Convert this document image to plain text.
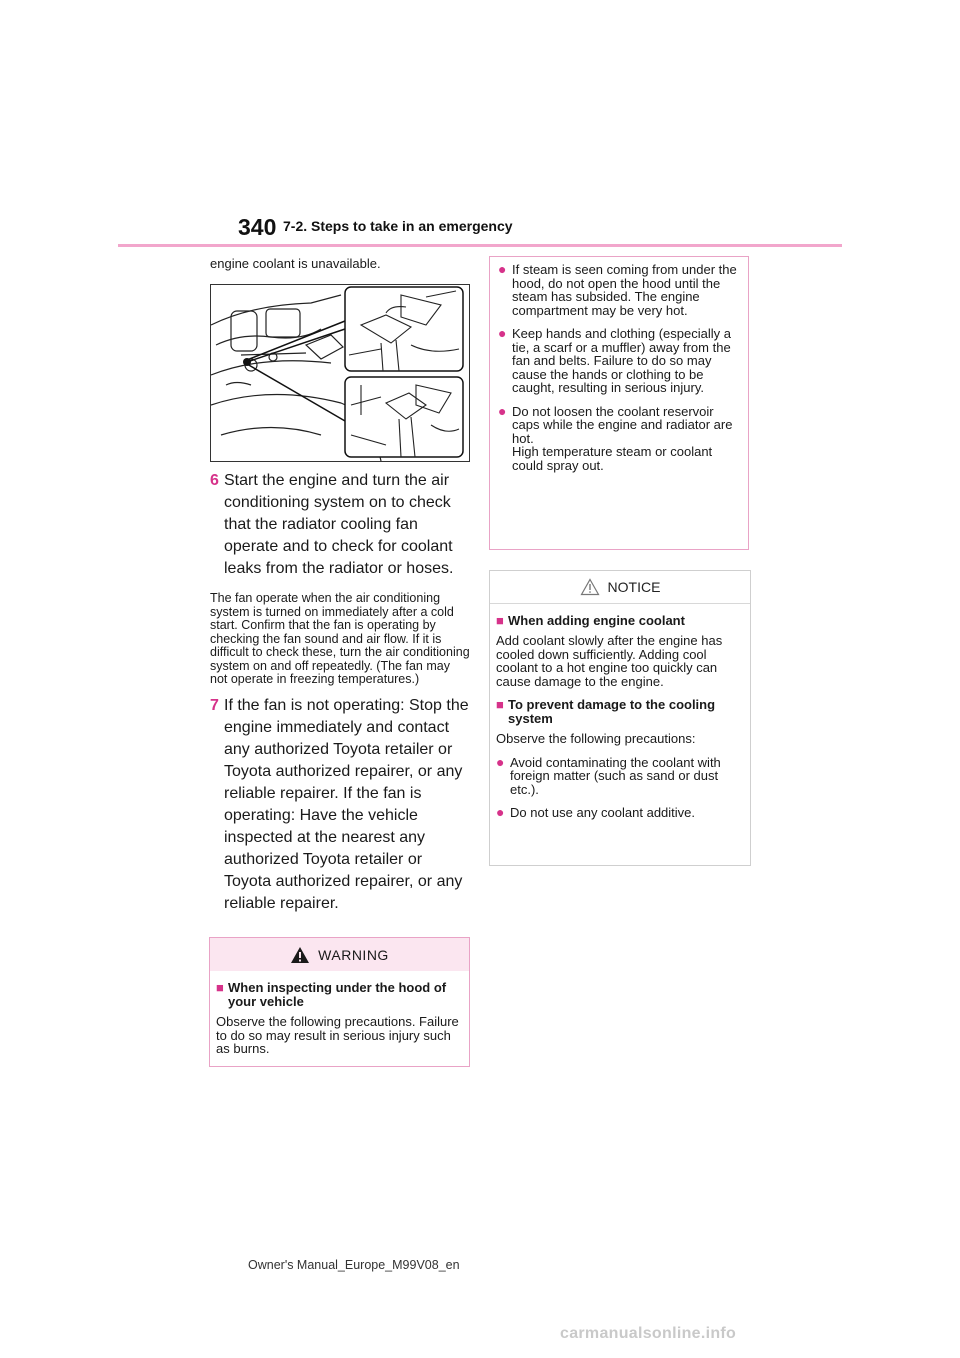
340 7-2. Steps to take in an emergency
engine coolant is unavailable.
6 Start the engine and turn the air conditioning system on to check that the radiator cooling fan operate and to check for coolant leaks from the radiator or hoses.
The fan operate when the air conditioning system is turned on immediately after a cold start. Confirm that the fan is operating by checking the fan sound and air flow. If it is difficult to check these, turn the air conditioning system on and off repeatedly. (The fan may not operate in freezing temperatures.)
7 If the fan is not operating: Stop the engine immediately and contact any authorized Toyota retailer or Toyota authorized repairer, or any reliable repairer. If the fan is operating: Have the vehicle inspected at the nearest any authorized Toyota retailer or Toyota authorized repairer, or any reliable repairer.
WARNING
■ When inspecting under the hood of your vehicle
Observe the following precautions. Failure to do so may result in serious injury such as burns.
● If steam is seen coming from under the hood, do not open the hood until the steam has subsided. The engine compartment may be very hot.
● Keep hands and clothing (especially a tie, a scarf or a muffler) away from the fan and belts. Failure to do so may cause the hands or clothing to be caught, resulting in serious injury.
● Do not loosen the coolant reservoir caps while the engine and radiator are hot.
High temperature steam or coolant could spray out.
NOTICE
■ When adding engine coolant
Add coolant slowly after the engine has cooled down sufficiently. Adding cool coolant to a hot engine too quickly can cause damage to the engine.
■ To prevent damage to the cooling system
Observe the following precautions:
● Avoid contaminating the coolant with foreign matter (such as sand or dust etc.).
● Do not use any coolant additive.
Owner's Manual_Europe_M99V08_en
carmanualsonline.info
